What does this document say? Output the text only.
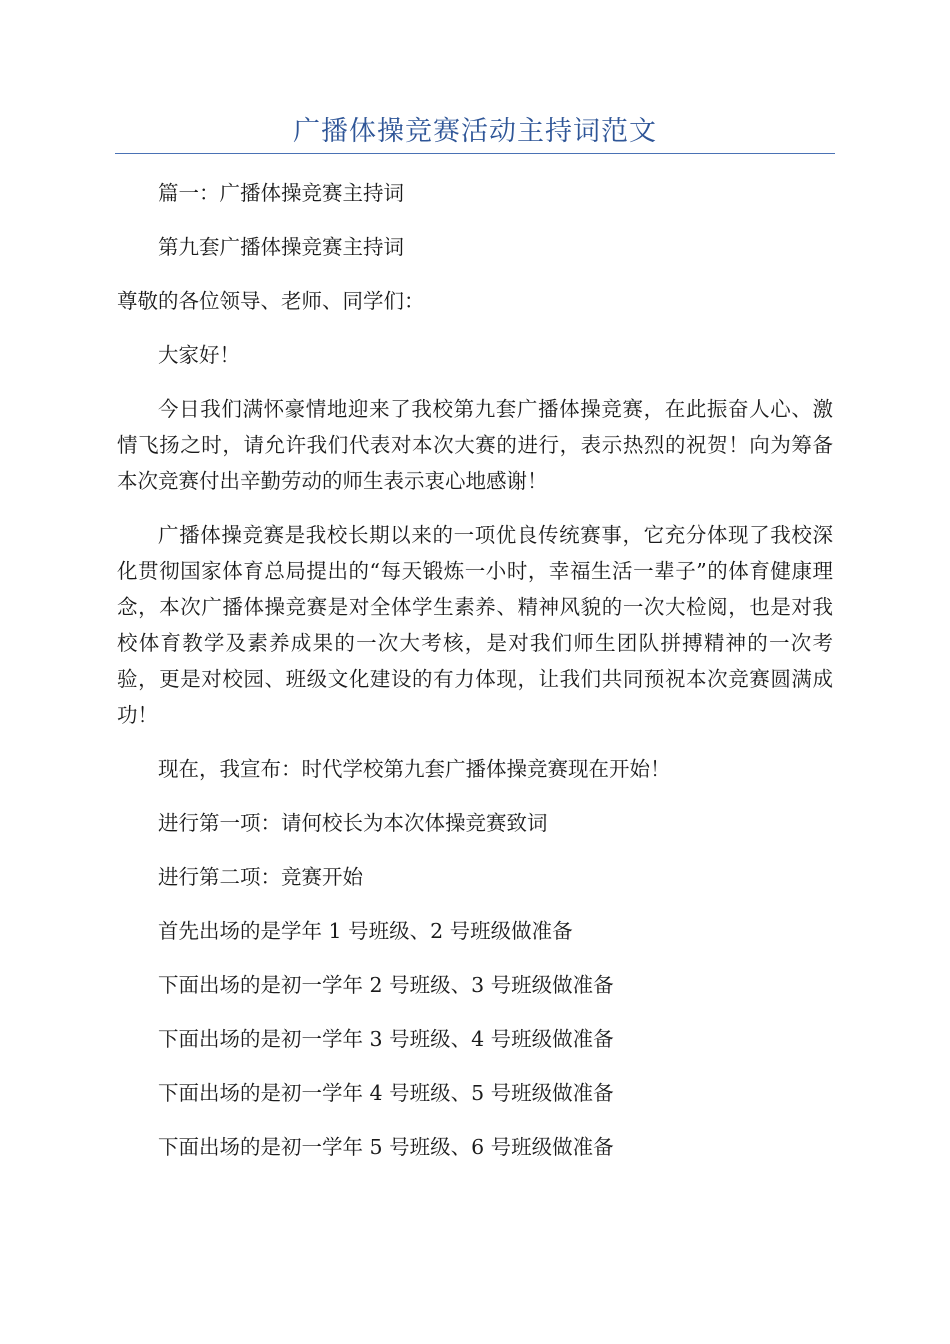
广播体操竞赛活动主持词范文

篇一：广播体操竞赛主持词

第九套广播体操竞赛主持词

尊敬的各位领导、老师、同学们：

大家好！

今日我们满怀豪情地迎来了我校第九套广播体操竞赛，在此振奋人心、激情飞扬之时，请允许我们代表对本次大赛的进行，表示热烈的祝贺！向为筹备本次竞赛付出辛勤劳动的师生表示衷心地感谢！

广播体操竞赛是我校长期以来的一项优良传统赛事，它充分体现了我校深化贯彻国家体育总局提出的“每天锻炼一小时，幸福生活一辈子”的体育健康理念，本次广播体操竞赛是对全体学生素养、精神风貌的一次大检阅，也是对我校体育教学及素养成果的一次大考核，是对我们师生团队拼搏精神的一次考验，更是对校园、班级文化建设的有力体现，让我们共同预祝本次竞赛圆满成功！

现在，我宣布：时代学校第九套广播体操竞赛现在开始！

进行第一项：请何校长为本次体操竞赛致词

进行第二项：竞赛开始

首先出场的是学年 1 号班级、2 号班级做准备

下面出场的是初一学年 2 号班级、3 号班级做准备

下面出场的是初一学年 3 号班级、4 号班级做准备

下面出场的是初一学年 4 号班级、5 号班级做准备

下面出场的是初一学年 5 号班级、6 号班级做准备
